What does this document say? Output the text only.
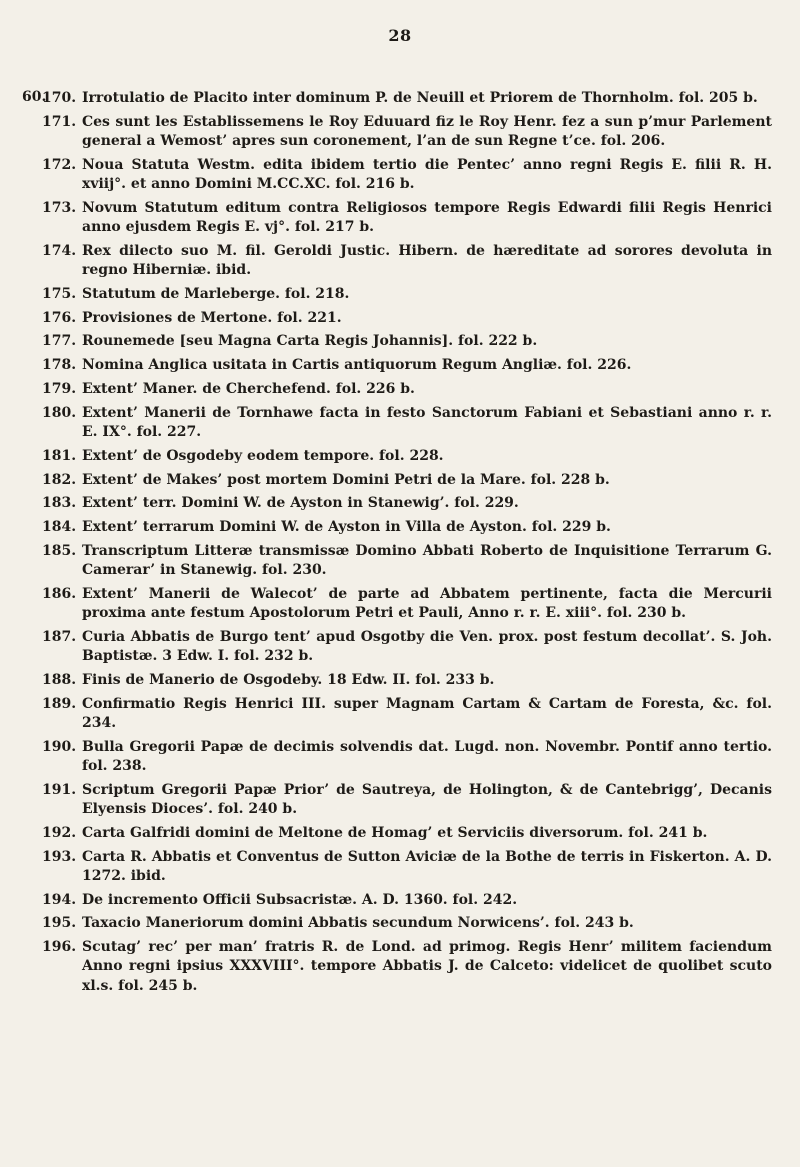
28
60.
170. Irrotulatio de Placito inter dominum P. de Neuill et Priorem de Thornholm. fol. 205 b.
171. Ces sunt les Establissemens le Roy Eduuard fiz le Roy Henr. fez a sun p’mur Parlement general a Wemost’ apres sun coronement, l’an de sun Regne t’ce. fol. 206.
172. Noua Statuta Westm. edita ibidem tertio die Pentec’ anno regni Regis E. filii R. H. xviij°. et anno Domini M.CC.XC. fol. 216 b.
173. Novum Statutum editum contra Religiosos tempore Regis Edwardi filii Regis Henrici anno ejusdem Regis E. vj°. fol. 217 b.
174. Rex dilecto suo M. fil. Geroldi Justic. Hibern. de hæreditate ad sorores devoluta in regno Hiberniæ. ibid.
175. Statutum de Marleberge. fol. 218.
176. Provisiones de Mertone. fol. 221.
177. Rounemede [seu Magna Carta Regis Johannis]. fol. 222 b.
178. Nomina Anglica usitata in Cartis antiquorum Regum Angliæ. fol. 226.
179. Extent’ Maner. de Cherchefend. fol. 226 b.
180. Extent’ Manerii de Tornhawe facta in festo Sanctorum Fabiani et Sebastiani anno r. r. E. IX°. fol. 227.
181. Extent’ de Osgodeby eodem tempore. fol. 228.
182. Extent’ de Makes’ post mortem Domini Petri de la Mare. fol. 228 b.
183. Extent’ terr. Domini W. de Ayston in Stanewig’. fol. 229.
184. Extent’ terrarum Domini W. de Ayston in Villa de Ayston. fol. 229 b.
185. Transcriptum Litteræ transmissæ Domino Abbati Roberto de Inquisitione Terrarum G. Camerar’ in Stanewig. fol. 230.
186. Extent’ Manerii de Walecot’ de parte ad Abbatem pertinente, facta die Mercurii proxima ante festum Apostolorum Petri et Pauli, Anno r. r. E. xiii°. fol. 230 b.
187. Curia Abbatis de Burgo tent’ apud Osgotby die Ven. prox. post festum decollat’. S. Joh. Baptistæ. 3 Edw. I. fol. 232 b.
188. Finis de Manerio de Osgodeby. 18 Edw. II. fol. 233 b.
189. Confirmatio Regis Henrici III. super Magnam Cartam & Cartam de Foresta, &c. fol. 234.
190. Bulla Gregorii Papæ de decimis solvendis dat. Lugd. non. Novembr. Pontif anno tertio. fol. 238.
191. Scriptum Gregorii Papæ Prior’ de Sautreya, de Holington, & de Cantebrigg’, Decanis Elyensis Dioces’. fol. 240 b.
192. Carta Galfridi domini de Meltone de Homag’ et Serviciis diversorum. fol. 241 b.
193. Carta R. Abbatis et Conventus de Sutton Aviciæ de la Bothe de terris in Fiskerton. A. D. 1272. ibid.
194. De incremento Officii Subsacristæ. A. D. 1360. fol. 242.
195. Taxacio Maneriorum domini Abbatis secundum Norwicens’. fol. 243 b.
196. Scutag’ rec’ per man’ fratris R. de Lond. ad primog. Regis Henr’ militem faciendum Anno regni ipsius XXXVIII°. tempore Abbatis J. de Calceto: videlicet de quolibet scuto xl.s. fol. 245 b.
